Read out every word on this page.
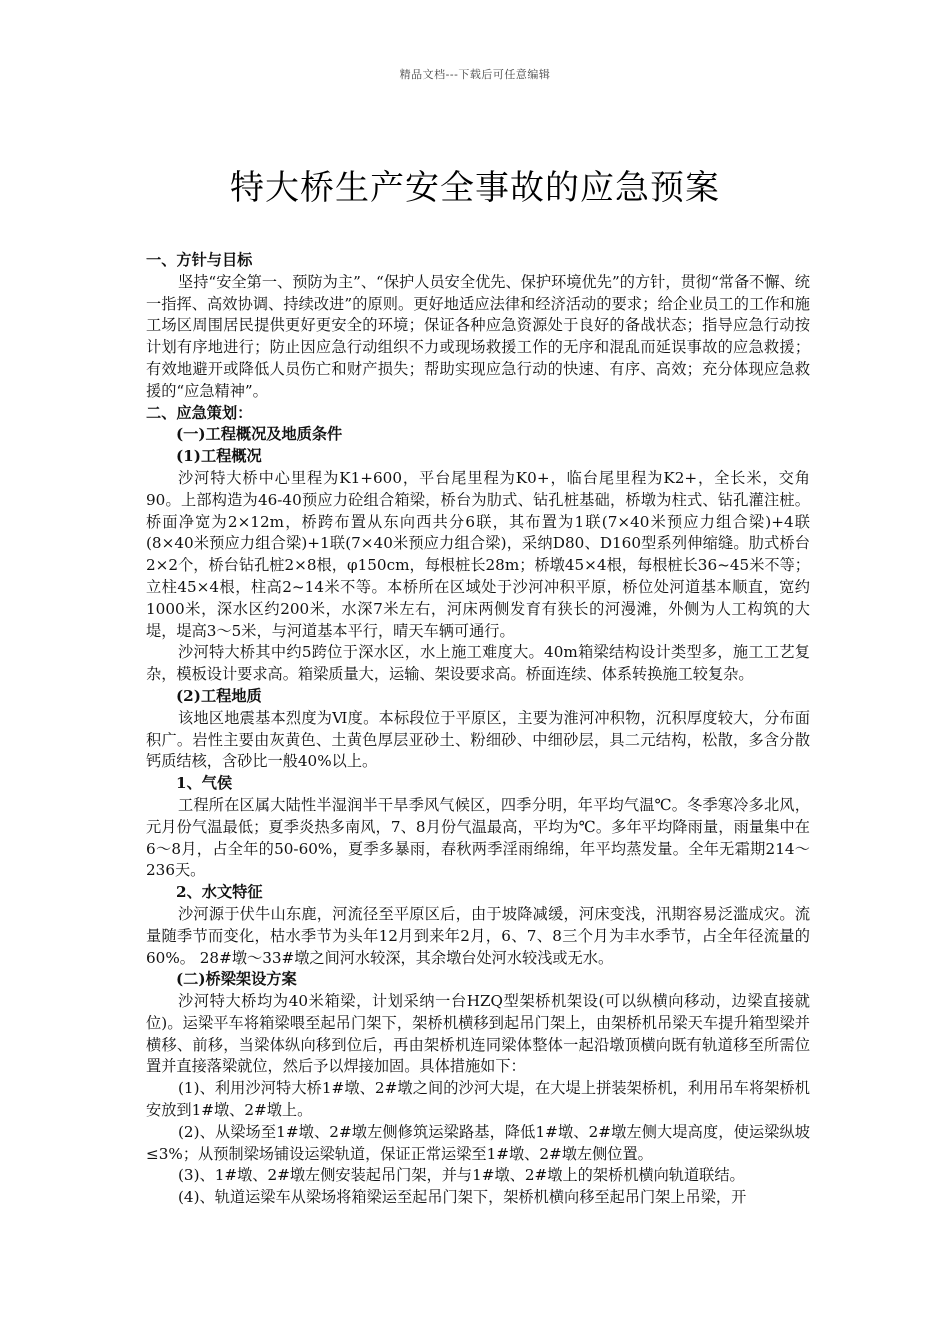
精品文档---下载后可任意编辑
特大桥生产安全事故的应急预案

一、方针与目标

坚持“安全第一、预防为主”、“保护人员安全优先、保护环境优先”的方针，贯彻“常备不懈、统一指挥、高效协调、持续改进”的原则。更好地适应法律和经济活动的要求；给企业员工的工作和施工场区周围居民提供更好更安全的环境；保证各种应急资源处于良好的备战状态；指导应急行动按计划有序地进行；防止因应急行动组织不力或现场救援工作的无序和混乱而延误事故的应急救援；有效地避开或降低人员伤亡和财产损失；帮助实现应急行动的快速、有序、高效；充分体现应急救援的“应急精神”。

二、应急策划：

(一)工程概况及地质条件

(1)工程概况

沙河特大桥中心里程为K1+600，平台尾里程为K0+，临台尾里程为K2+，全长米，交角90。上部构造为46-40预应力砼组合箱梁，桥台为肋式、钻孔桩基础，桥墩为柱式、钻孔灌注桩。桥面净宽为2×12m，桥跨布置从东向西共分6联，其布置为1联(7×40米预应力组合梁)+4联(8×40米预应力组合梁)+1联(7×40米预应力组合梁)，采纳D80、D160型系列伸缩缝。肋式桥台2×2个，桥台钻孔桩2×8根，φ150cm，每根桩长28m；桥墩45×4根，每根桩长36~45米不等；立柱45×4根，柱高2~14米不等。本桥所在区域处于沙河冲积平原，桥位处河道基本顺直，宽约1000米，深水区约200米，水深7米左右，河床两侧发育有狭长的河漫滩，外侧为人工构筑的大堤，堤高3～5米，与河道基本平行，晴天车辆可通行。

沙河特大桥其中约5跨位于深水区，水上施工难度大。40m箱梁结构设计类型多，施工工艺复杂，模板设计要求高。箱梁质量大，运输、架设要求高。桥面连续、体系转换施工较复杂。

(2)工程地质

该地区地震基本烈度为Ⅵ度。本标段位于平原区，主要为淮河冲积物，沉积厚度较大，分布面积广。岩性主要由灰黄色、土黄色厚层亚砂土、粉细砂、中细砂层，具二元结构，松散，多含分散钙质结核，含砂比一般40%以上。

1、气侯

工程所在区属大陆性半湿润半干旱季风气候区，四季分明，年平均气温℃。冬季寒冷多北风，元月份气温最低；夏季炎热多南风，7、8月份气温最高，平均为℃。多年平均降雨量，雨量集中在6～8月，占全年的50-60%，夏季多暴雨，春秋两季淫雨绵绵，年平均蒸发量。全年无霜期214～236天。

2、水文特征

沙河源于伏牛山东鹿，河流径至平原区后，由于坡降减缓，河床变浅，汛期容易泛滥成灾。流量随季节而变化，枯水季节为头年12月到来年2月，6、7、8三个月为丰水季节，占全年径流量的60%。 28#墩～33#墩之间河水较深，其余墩台处河水较浅或无水。

(二)桥梁架设方案

沙河特大桥均为40米箱梁，计划采纳一台HZQ型架桥机架设(可以纵横向移动，边梁直接就位)。运梁平车将箱梁喂至起吊门架下，架桥机横移到起吊门架上，由架桥机吊梁天车提升箱型梁并横移、前移，当梁体纵向移到位后，再由架桥机连同梁体整体一起沿墩顶横向既有轨道移至所需位置并直接落梁就位，然后予以焊接加固。具体措施如下：

(1)、利用沙河特大桥1#墩、2#墩之间的沙河大堤，在大堤上拼装架桥机，利用吊车将架桥机安放到1#墩、2#墩上。

(2)、从梁场至1#墩、2#墩左侧修筑运梁路基，降低1#墩、2#墩左侧大堤高度，使运梁纵坡≤3%；从预制梁场铺设运梁轨道，保证正常运梁至1#墩、2#墩左侧位置。

(3)、1#墩、2#墩左侧安装起吊门架，并与1#墩、2#墩上的架桥机横向轨道联结。

(4)、轨道运梁车从梁场将箱梁运至起吊门架下，架桥机横向移至起吊门架上吊梁，开
